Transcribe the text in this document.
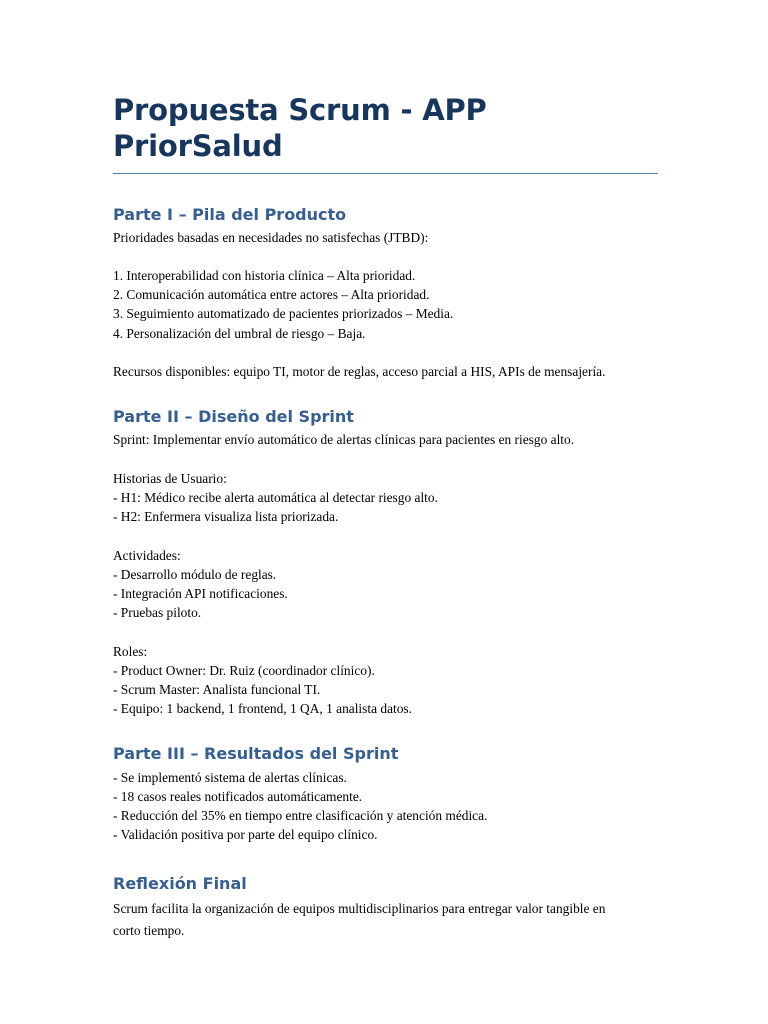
Propuesta Scrum - APP PriorSalud
Parte I – Pila del Producto

Prioridades basadas en necesidades no satisfechas (JTBD):

1. Interoperabilidad con historia clínica – Alta prioridad.

2. Comunicación automática entre actores – Alta prioridad.

3. Seguimiento automatizado de pacientes priorizados – Media.

4. Personalización del umbral de riesgo – Baja.

Recursos disponibles: equipo TI, motor de reglas, acceso parcial a HIS, APIs de mensajería.

Parte II – Diseño del Sprint

Sprint: Implementar envío automático de alertas clínicas para pacientes en riesgo alto.

Historias de Usuario:

- H1: Médico recibe alerta automática al detectar riesgo alto.

- H2: Enfermera visualiza lista priorizada.

Actividades:

- Desarrollo módulo de reglas.

- Integración API notificaciones.

- Pruebas piloto.

Roles:

- Product Owner: Dr. Ruiz (coordinador clínico).

- Scrum Master: Analista funcional TI.

- Equipo: 1 backend, 1 frontend, 1 QA, 1 analista datos.

Parte III – Resultados del Sprint

- Se implementó sistema de alertas clínicas.

- 18 casos reales notificados automáticamente.

- Reducción del 35% en tiempo entre clasificación y atención médica.

- Validación positiva por parte del equipo clínico.

Reflexión Final

Scrum facilita la organización de equipos multidisciplinarios para entregar valor tangible en

corto tiempo.
